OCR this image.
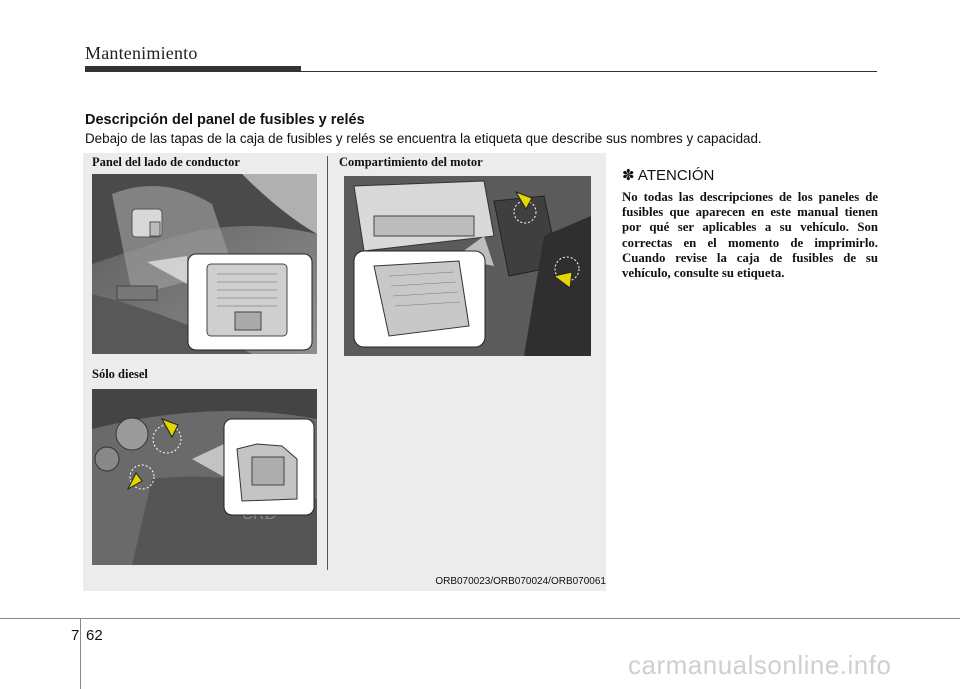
Mantenimiento
Descripción del panel de fusibles y relés
Debajo de las tapas de la caja de fusibles y relés se encuentra la etiqueta que describe sus nombres y capacidad.
Panel del lado de conductor	Compartimiento del motor
Sólo diesel
ORB070023/ORB070024/ORB070061
✽ ATENCIÓN
No todas las descripciones de los paneles de fusibles que aparecen en este manual tienen por qué ser aplicables a su vehículo. Son correctas en el momento de imprimirlo. Cuando revise la caja de fusibles de su vehículo, consulte su etiqueta.
7 62
carmanualsonline.info
